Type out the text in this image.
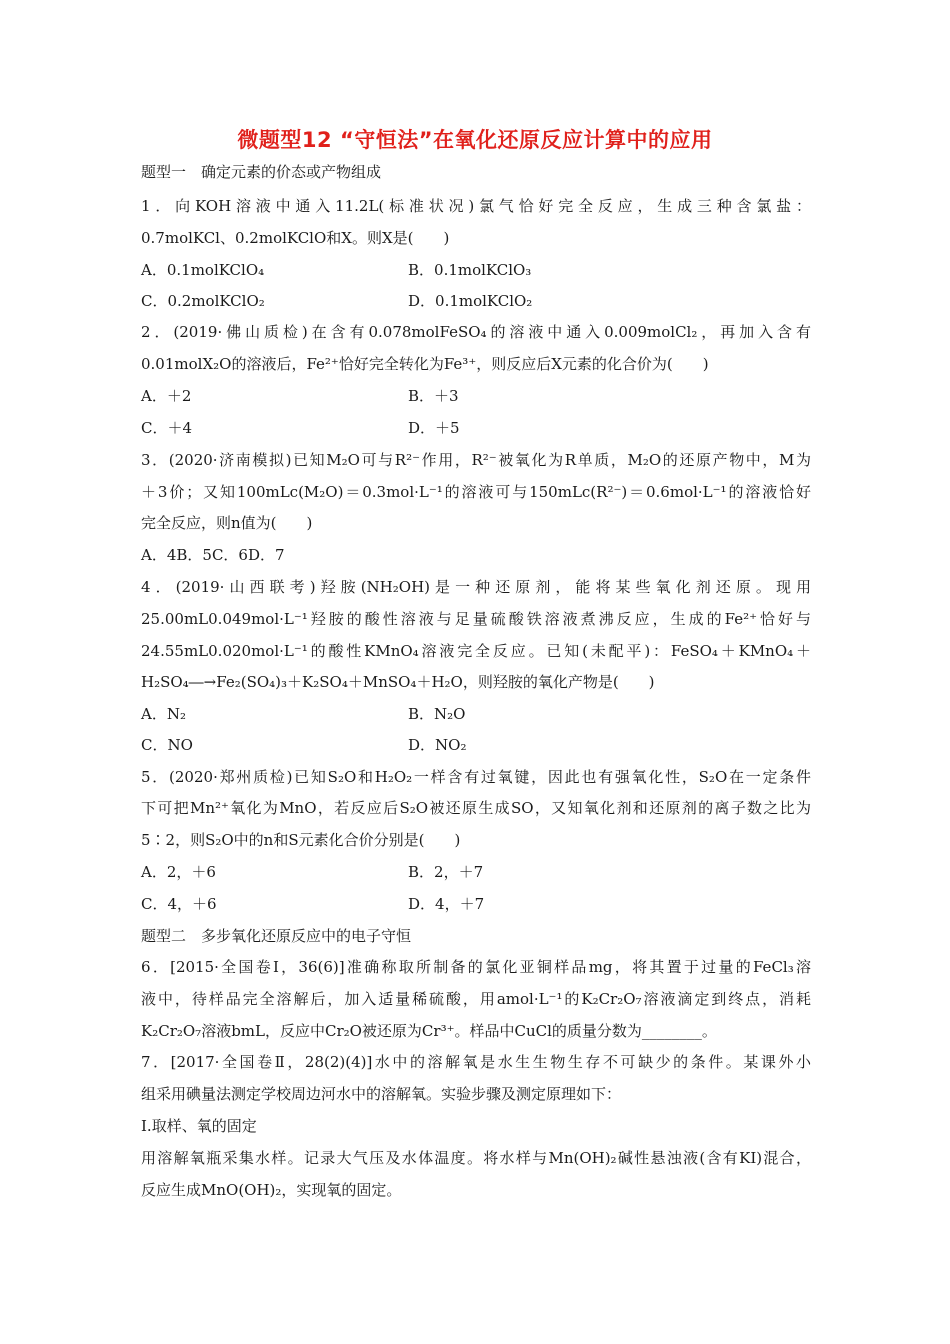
微题型12 “守恒法”在氧化还原反应计算中的应用
题型一　确定元素的价态或产物组成
1．向KOH溶液中通入11.2L(标准状况)氯气恰好完全反应，生成三种含氯盐：
0.7molKCl、0.2molKClO和X。则X是(　　)
A．0.1molKClO₄	B．0.1molKClO₃
C．0.2molKClO₂	D．0.1molKClO₂
2．(2019·佛山质检)在含有0.078molFeSO₄的溶液中通入0.009molCl₂，再加入含有
0.01molX₂O的溶液后，Fe²⁺恰好完全转化为Fe³⁺，则反应后X元素的化合价为(　　)
A．＋2	B．＋3
C．＋4	D．＋5
3．(2020·济南模拟)已知M₂O可与R²⁻作用，R²⁻被氧化为R单质，M₂O的还原产物中，M为
＋3价；又知100mLc(M₂O)＝0.3mol·L⁻¹的溶液可与150mLc(R²⁻)＝0.6mol·L⁻¹的溶液恰好
完全反应，则n值为(　　)
A．4B．5C．6D．7
4．(2019·山西联考)羟胺(NH₂OH)是一种还原剂，能将某些氧化剂还原。现用
25.00mL0.049mol·L⁻¹羟胺的酸性溶液与足量硫酸铁溶液煮沸反应，生成的Fe²⁺恰好与
24.55mL0.020mol·L⁻¹的酸性KMnO₄溶液完全反应。已知(未配平)：FeSO₄＋KMnO₄＋
H₂SO₄―→Fe₂(SO₄)₃＋K₂SO₄＋MnSO₄＋H₂O，则羟胺的氧化产物是(　　)
A．N₂	B．N₂O
C．NO	D．NO₂
5．(2020·郑州质检)已知S₂O和H₂O₂一样含有过氧键，因此也有强氧化性，S₂O在一定条件
下可把Mn²⁺氧化为MnO，若反应后S₂O被还原生成SO，又知氧化剂和还原剂的离子数之比为
5∶2，则S₂O中的n和S元素化合价分别是(　　)
A．2，＋6	B．2，＋7
C．4，＋6	D．4，＋7
题型二　多步氧化还原反应中的电子守恒
6．[2015·全国卷Ⅰ，36(6)]准确称取所制备的氯化亚铜样品mg，将其置于过量的FeCl₃溶
液中，待样品完全溶解后，加入适量稀硫酸，用amol·L⁻¹的K₂Cr₂O₇溶液滴定到终点，消耗
K₂Cr₂O₇溶液bmL，反应中Cr₂O被还原为Cr³⁺。样品中CuCl的质量分数为________。
7．[2017·全国卷Ⅱ，28(2)(4)]水中的溶解氧是水生生物生存不可缺少的条件。某课外小
组采用碘量法测定学校周边河水中的溶解氧。实验步骤及测定原理如下：
Ⅰ.取样、氧的固定
用溶解氧瓶采集水样。记录大气压及水体温度。将水样与Mn(OH)₂碱性悬浊液(含有KI)混合，
反应生成MnO(OH)₂，实现氧的固定。
